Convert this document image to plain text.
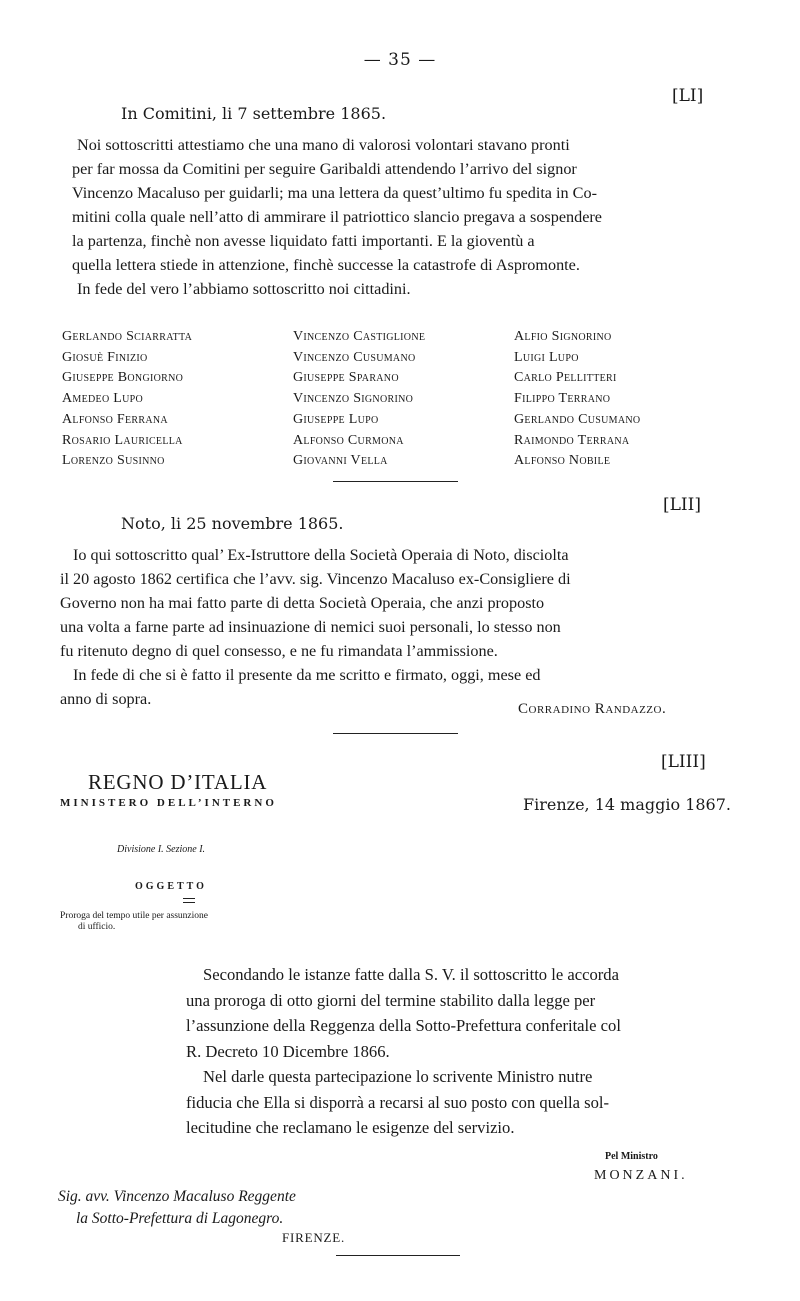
— 35 —
[LI]
In Comitini, li 7 settembre 1865.
Noi sottoscritti attestiamo che una mano di valorosi volontari stavano pronti
per far mossa da Comitini per seguire Garibaldi attendendo l’arrivo del signor
Vincenzo Macaluso per guidarli; ma una lettera da quest’ultimo fu spedita in Co-
mitini colla quale nell’atto di ammirare il patriottico slancio pregava a sospendere
la partenza, finchè non avesse liquidato fatti importanti. E la gioventù a
quella lettera stiede in attenzione, finchè successe la catastrofe di Aspromonte.
In fede del vero l’abbiamo sottoscritto noi cittadini.
Gerlando Sciarratta
Giosuè Finizio
Giuseppe Bongiorno
Amedeo Lupo
Alfonso Ferrana
Rosario Lauricella
Lorenzo Susinno
Vincenzo Castiglione
Vincenzo Cusumano
Giuseppe Sparano
Vincenzo Signorino
Giuseppe Lupo
Alfonso Curmona
Giovanni Vella
Alfio Signorino
Luigi Lupo
Carlo Pellitteri
Filippo Terrano
Gerlando Cusumano
Raimondo Terrana
Alfonso Nobile
[LII]
Noto, li 25 novembre 1865.
Io qui sottoscritto qual’ Ex-Istruttore della Società Operaia di Noto, disciolta
il 20 agosto 1862 certifica che l’avv. sig. Vincenzo Macaluso ex-Consigliere di
Governo non ha mai fatto parte di detta Società Operaia, che anzi proposto
una volta a farne parte ad insinuazione di nemici suoi personali, lo stesso non
fu ritenuto degno di quel consesso, e ne fu rimandata l’ammissione.
In fede di che si è fatto il presente da me scritto e firmato, oggi, mese ed
anno di sopra.
Corradino Randazzo.
[LIII]
REGNO D’ITALIA
MINISTERO DELL’INTERNO	Firenze, 14 maggio 1867.
Divisione I. Sezione I.
OGGETTO
Proroga del tempo utile per assunzione
di ufficio.
Secondando le istanze fatte dalla S. V. il sottoscritto le accorda
una proroga di otto giorni del termine stabilito dalla legge per
l’assunzione della Reggenza della Sotto-Prefettura conferitale col
R. Decreto 10 Dicembre 1866.
Nel darle questa partecipazione lo scrivente Ministro nutre
fiducia che Ella si disporrà a recarsi al suo posto con quella sol-
lecitudine che reclamano le esigenze del servizio.
Pel Ministro
MONZANI.
Sig. avv. Vincenzo Macaluso Reggente
la Sotto-Prefettura di Lagonegro.
FIRENZE.
